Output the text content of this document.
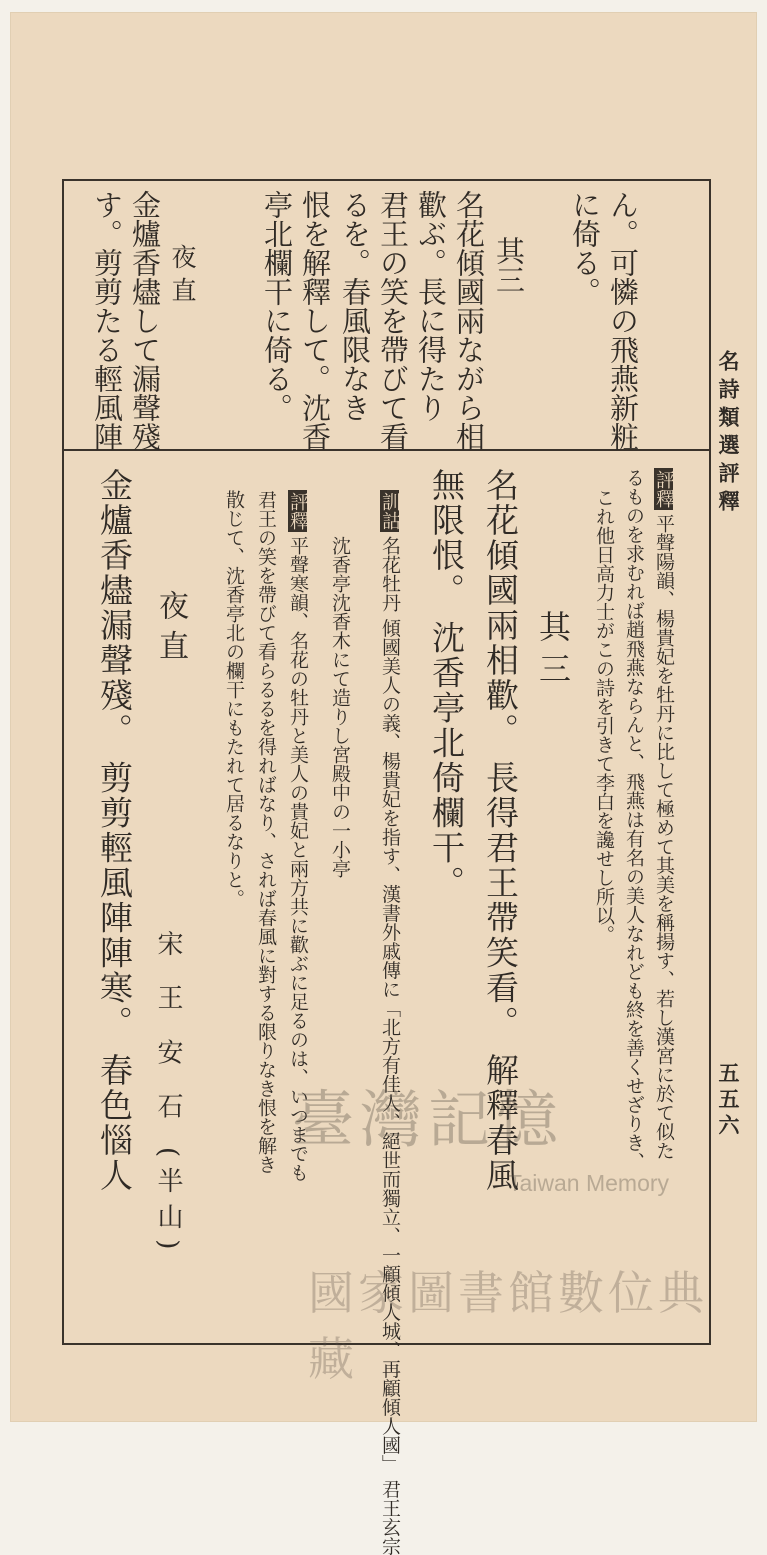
名詩類選評釋
五五六
ん。可憐の飛燕新粧
に倚る。
其三
名花傾國兩ながら相
歡ぶ。長に得たり
君王の笑を帶びて看
るを。春風限なき
恨を解釋して。沈香
亭北欄干に倚る。
夜直
金爐香燼して漏聲殘
す。剪剪たる輕風陣
評釋
平聲陽韻、楊貴妃を牡丹に比して極めて其美を稱揚す、若し漢宮に於て似た
るものを求むれば趙飛燕ならんと、飛燕は有名の美人なれども終を善くせざりき、
これ他日高力士がこの詩を引きて李白を讒せし所以。
其三
名花傾國兩相歡。 長得君王帶笑看。 解釋春風
無限恨。 沈香亭北倚欄干。
訓詁
名花牡丹 傾國美人の義、楊貴妃を指す、漢書外戚傳に「北方有佳人、絕世而獨立、一顧傾人城、再顧傾人國」 君王玄宗
沈香亭沈香木にて造りし宮殿中の一小亭
評釋
平聲寒韻、名花の牡丹と美人の貴妃と兩方共に歡ぶに足るのは、いつまでも
君王の笑を帶びて看らるるを得ればなり、されば春風に對する限りなき恨を解き
散じて、沈香亭北の欄干にもたれて居るなりと。
夜直
宋 王 安 石 (半山)
金爐香燼漏聲殘。 剪剪輕風陣陣寒。 春色惱人	臺灣記憶
Taiwan Memory
國家圖書館數位典藏
